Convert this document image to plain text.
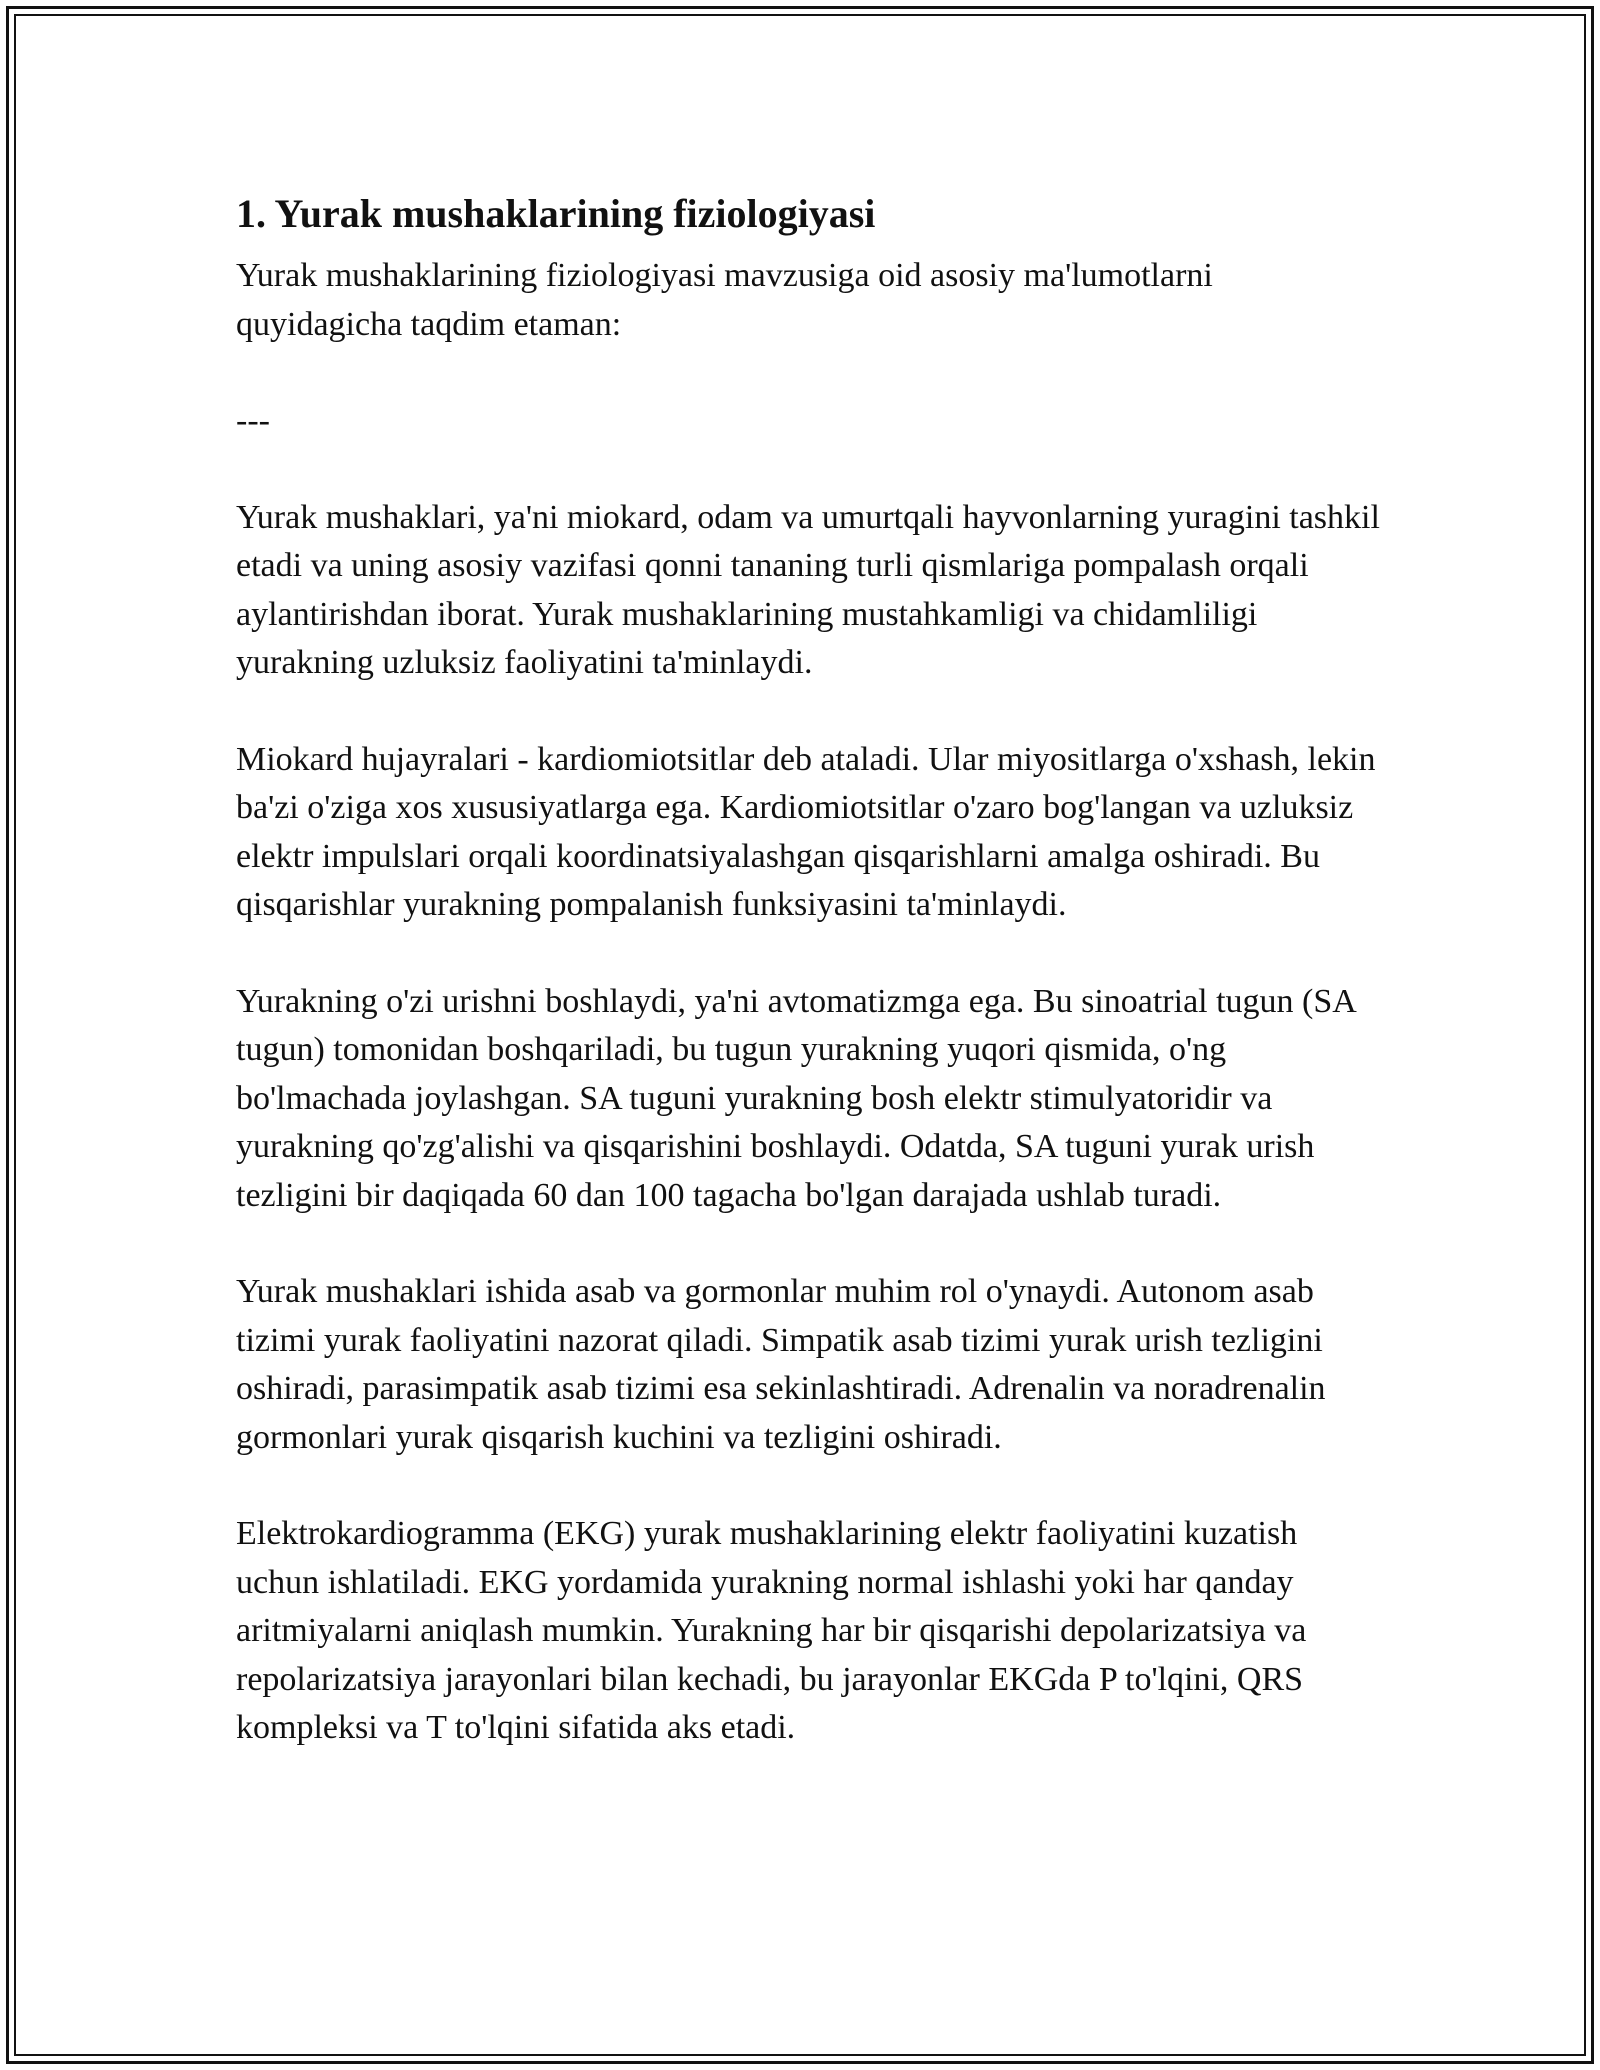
1. Yurak mushaklarining fiziologiyasi

Yurak mushaklarining fiziologiyasi mavzusiga oid asosiy ma'lumotlarni quyidagicha taqdim etaman:

---

Yurak mushaklari, ya'ni miokard, odam va umurtqali hayvonlarning yuragini tashkil etadi va uning asosiy vazifasi qonni tananing turli qismlariga pompalash orqali aylantirishdan iborat. Yurak mushaklarining mustahkamligi va chidamliligi yurakning uzluksiz faoliyatini ta'minlaydi.

Miokard hujayralari - kardiomiotsitlar deb ataladi. Ular miyositlarga o'xshash, lekin ba'zi o'ziga xos xususiyatlarga ega. Kardiomiotsitlar o'zaro bog'langan va uzluksiz elektr impulslari orqali koordinatsiyalashgan qisqarishlarni amalga oshiradi. Bu qisqarishlar yurakning pompalanish funksiyasini ta'minlaydi.

Yurakning o'zi urishni boshlaydi, ya'ni avtomatizmga ega. Bu sinoatrial tugun (SA tugun) tomonidan boshqariladi, bu tugun yurakning yuqori qismida, o'ng bo'lmachada joylashgan. SA tuguni yurakning bosh elektr stimulyatoridir va yurakning qo'zg'alishi va qisqarishini boshlaydi. Odatda, SA tuguni yurak urish tezligini bir daqiqada 60 dan 100 tagacha bo'lgan darajada ushlab turadi.

Yurak mushaklari ishida asab va gormonlar muhim rol o'ynaydi. Autonom asab tizimi yurak faoliyatini nazorat qiladi. Simpatik asab tizimi yurak urish tezligini oshiradi, parasimpatik asab tizimi esa sekinlashtiradi. Adrenalin va noradrenalin gormonlari yurak qisqarish kuchini va tezligini oshiradi.

Elektrokardiogramma (EKG) yurak mushaklarining elektr faoliyatini kuzatish uchun ishlatiladi. EKG yordamida yurakning normal ishlashi yoki har qanday aritmiyalarni aniqlash mumkin. Yurakning har bir qisqarishi depolarizatsiya va repolarizatsiya jarayonlari bilan kechadi, bu jarayonlar EKGda P to'lqini, QRS kompleksi va T to'lqini sifatida aks etadi.
